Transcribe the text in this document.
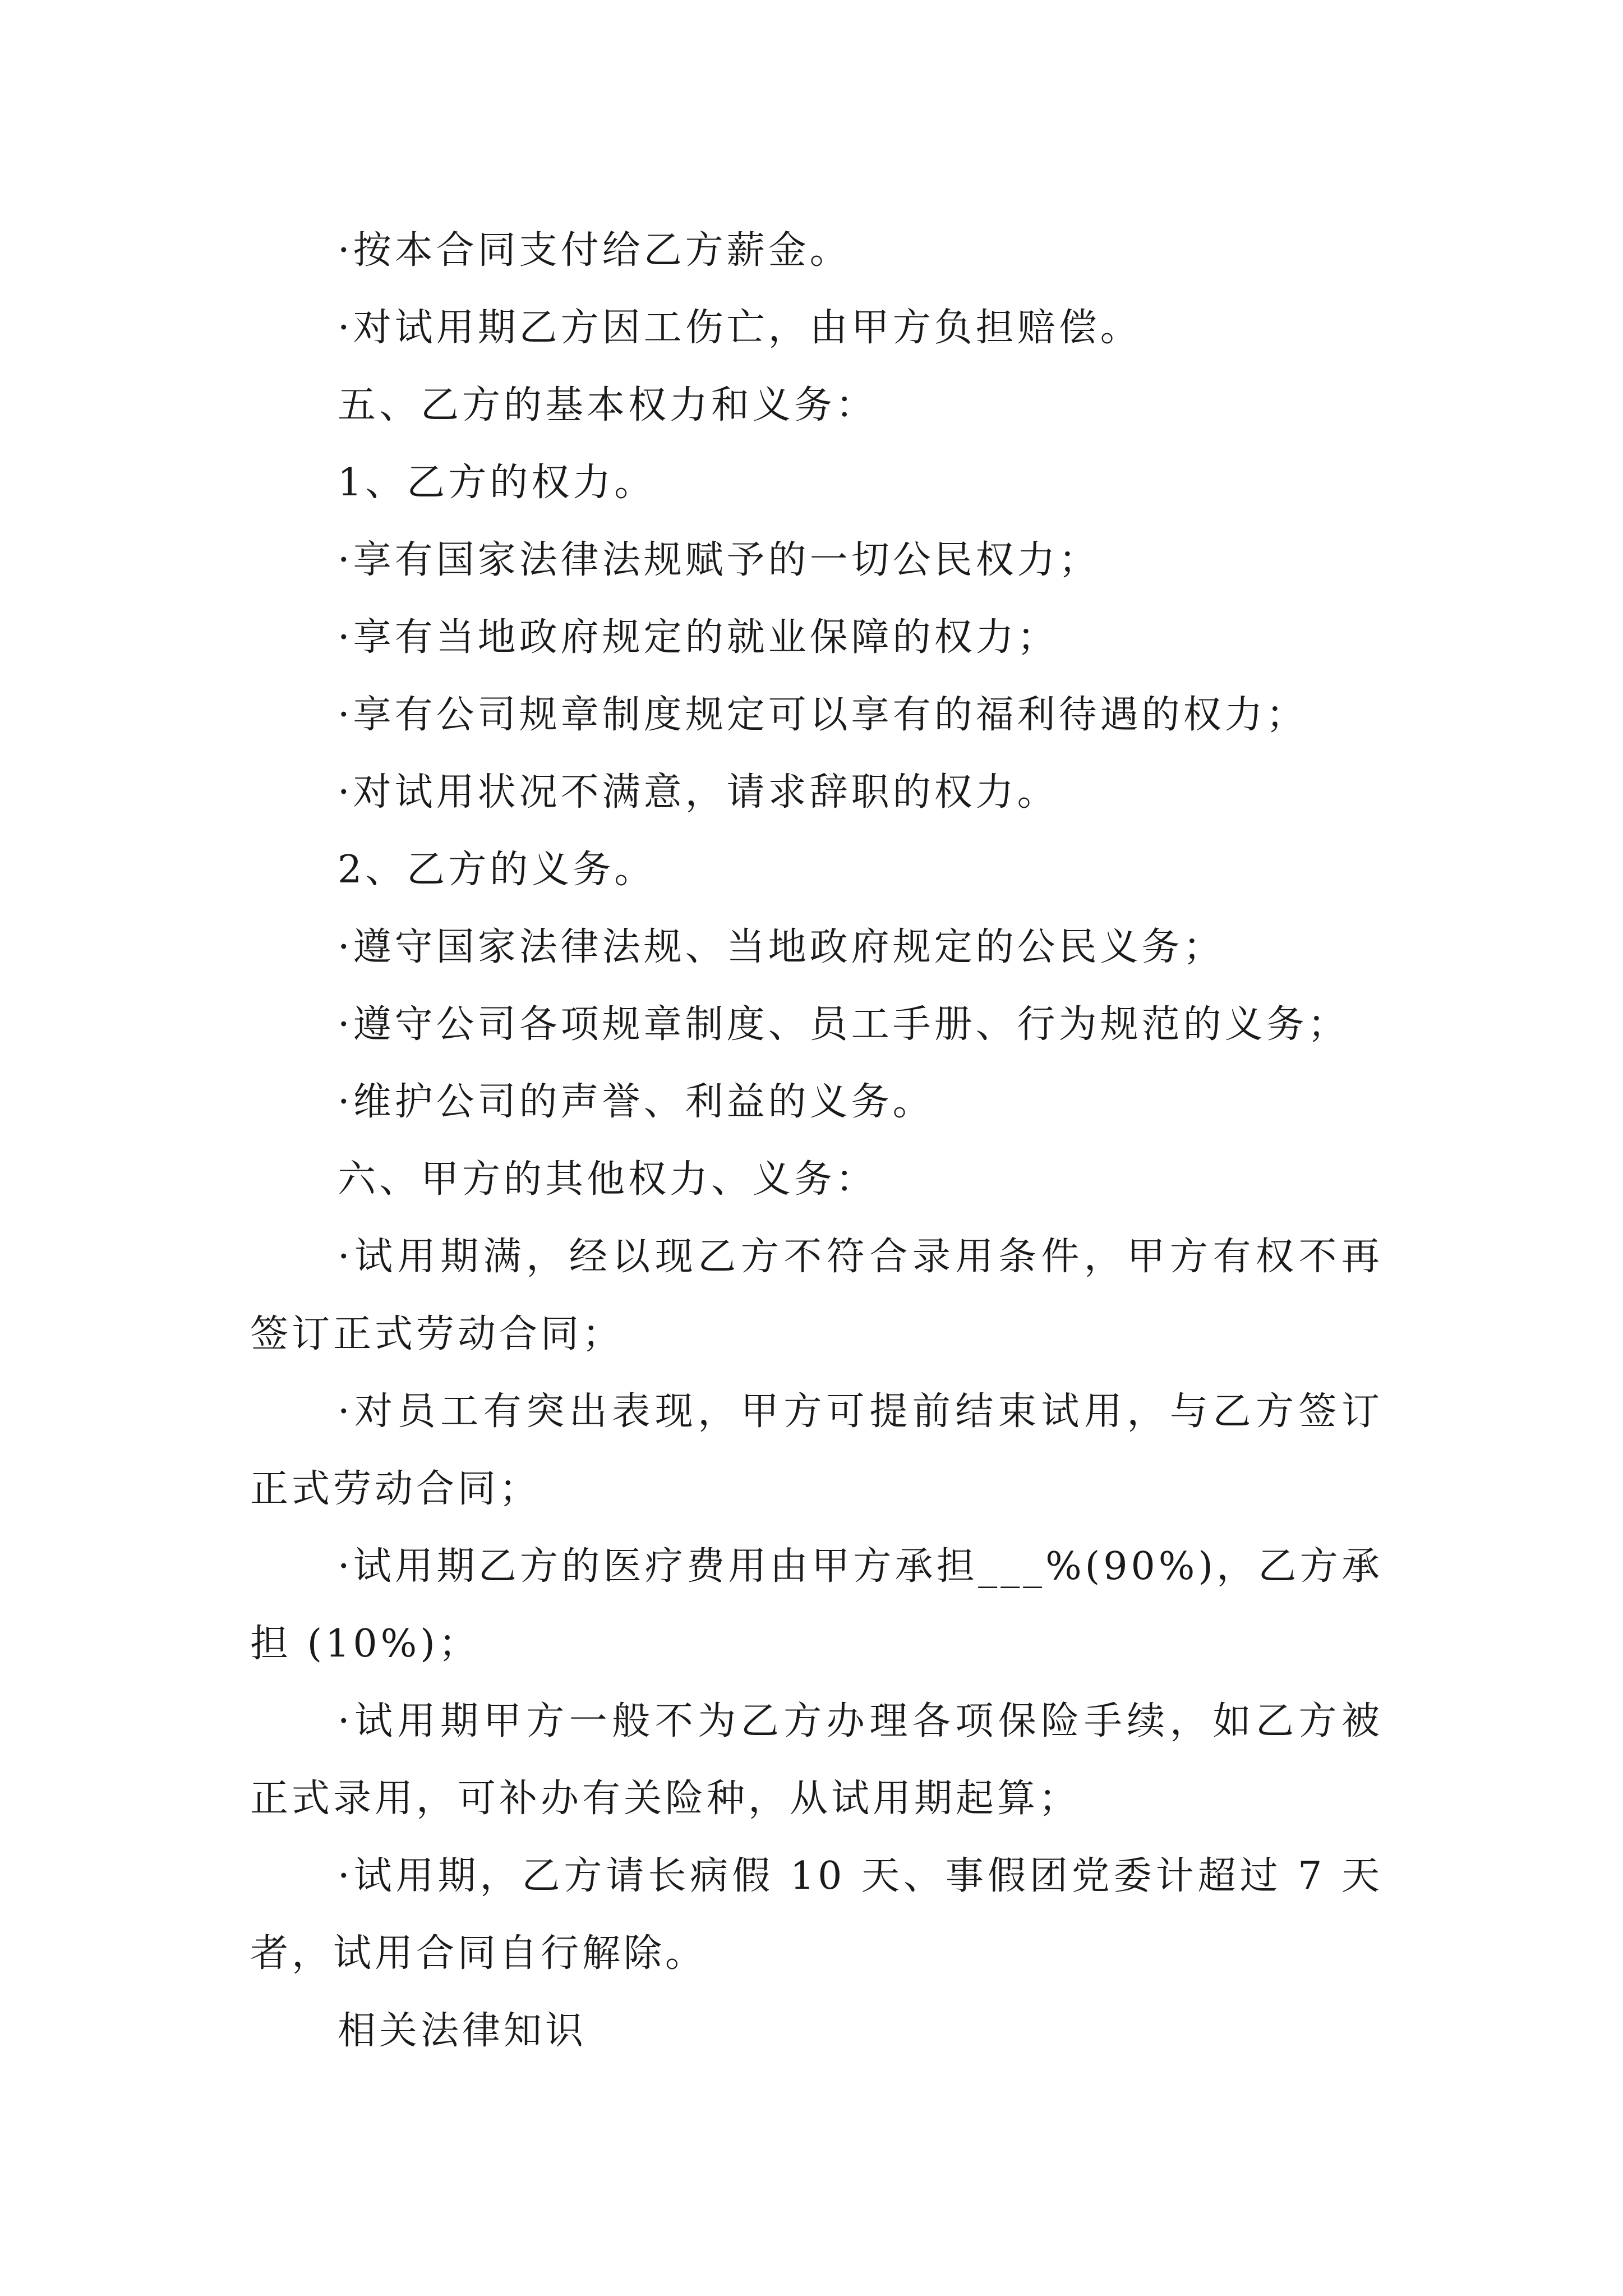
·按本合同支付给乙方薪金。
·对试用期乙方因工伤亡，由甲方负担赔偿。
五、乙方的基本权力和义务：
1、乙方的权力。
·享有国家法律法规赋予的一切公民权力；
·享有当地政府规定的就业保障的权力；
·享有公司规章制度规定可以享有的福利待遇的权力；
·对试用状况不满意，请求辞职的权力。
2、乙方的义务。
·遵守国家法律法规、当地政府规定的公民义务；
·遵守公司各项规章制度、员工手册、行为规范的义务；
·维护公司的声誉、利益的义务。
六、甲方的其他权力、义务：
·试用期满，经以现乙方不符合录用条件，甲方有权不再签订正式劳动合同；
·对员工有突出表现，甲方可提前结束试用，与乙方签订正式劳动合同；
·试用期乙方的医疗费用由甲方承担___%(90%)，乙方承担 (10%)；
·试用期甲方一般不为乙方办理各项保险手续，如乙方被正式录用，可补办有关险种，从试用期起算；
·试用期，乙方请长病假 10 天、事假团党委计超过 7 天者，试用合同自行解除。
相关法律知识
